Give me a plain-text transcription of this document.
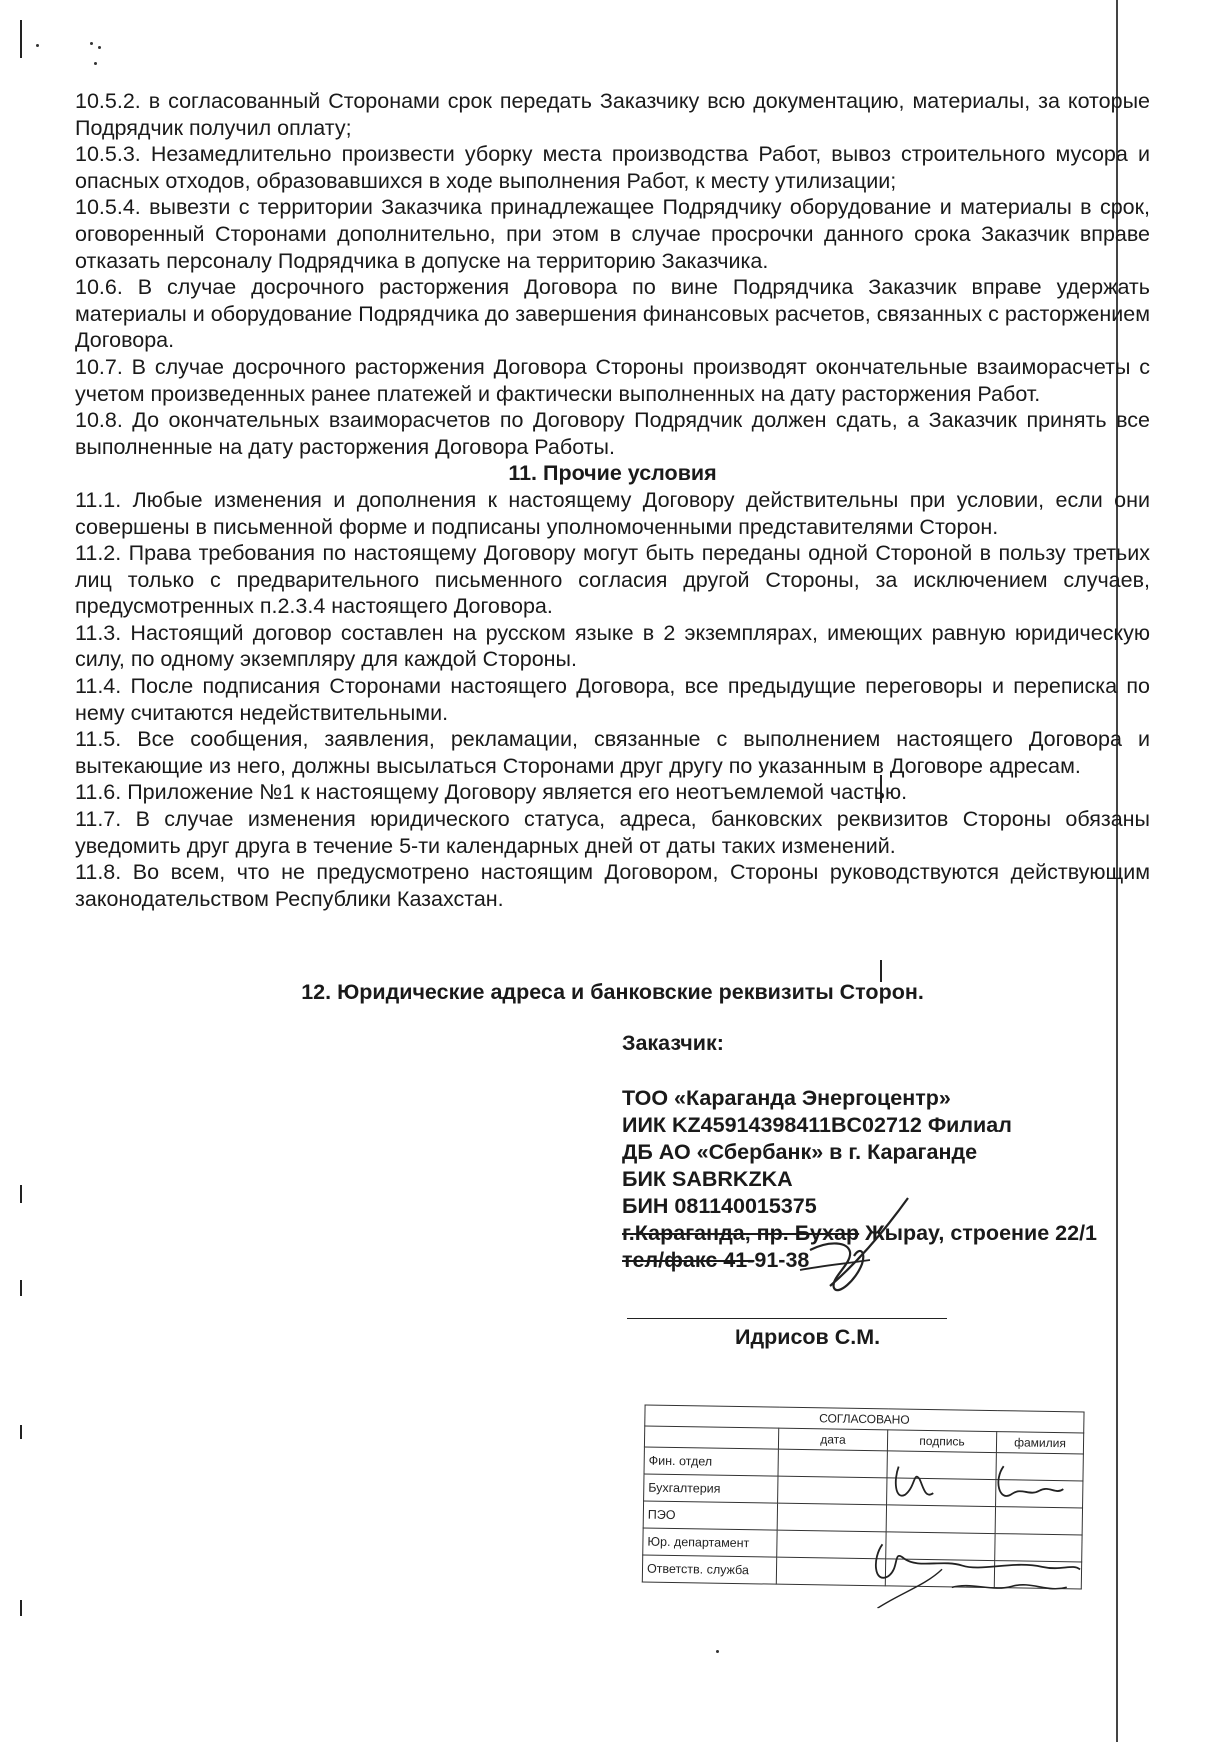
10.5.2. в согласованный Сторонами срок передать Заказчику всю документацию, материалы, за которые Подрядчик получил оплату;

10.5.3. Незамедлительно произвести уборку места производства Работ, вывоз строительного мусора и опасных отходов, образовавшихся в ходе выполнения Работ, к месту утилизации;

10.5.4. вывезти с территории Заказчика принадлежащее Подрядчику оборудование и материалы в срок, оговоренный Сторонами дополнительно, при этом в случае просрочки данного срока Заказчик вправе отказать персоналу Подрядчика в допуске на территорию Заказчика.

10.6. В случае досрочного расторжения Договора по вине Подрядчика Заказчик вправе удержать материалы и оборудование Подрядчика до завершения финансовых расчетов, связанных с расторжением Договора.

10.7. В случае досрочного расторжения Договора Стороны производят окончательные взаиморасчеты с учетом произведенных ранее платежей и фактически выполненных на дату расторжения Работ.

10.8. До окончательных взаиморасчетов по Договору Подрядчик должен сдать, а Заказчик принять все выполненные на дату расторжения Договора Работы.

11. Прочие условия

11.1. Любые изменения и дополнения к настоящему Договору действительны при условии, если они совершены в письменной форме и подписаны уполномоченными представителями Сторон.

11.2. Права требования по настоящему Договору могут быть переданы одной Стороной в пользу третьих лиц только с предварительного письменного согласия другой Стороны, за исключением случаев, предусмотренных п.2.3.4 настоящего Договора.

11.3. Настоящий договор составлен на русском языке в 2 экземплярах, имеющих равную юридическую силу, по одному экземпляру для каждой Стороны.

11.4. После подписания Сторонами настоящего Договора, все предыдущие переговоры и переписка по нему считаются недействительными.

11.5. Все сообщения, заявления, рекламации, связанные с выполнением настоящего Договора и вытекающие из него, должны высылаться Сторонами друг другу по указанным в Договоре адресам.

11.6. Приложение №1 к настоящему Договору является его неотъемлемой частью.

11.7. В случае изменения юридического статуса, адреса, банковских реквизитов Стороны обязаны уведомить друг друга в течение 5-ти календарных дней от даты таких изменений.

11.8. Во всем, что не предусмотрено настоящим Договором, Стороны руководствуются действующим законодательством Республики Казахстан.

12. Юридические адреса и банковские реквизиты Сторон.
Заказчик:
ТОО «Караганда Энергоцентр»
ИИК KZ45914398411BC02712 Филиал
ДБ АО «Сбербанк» в г. Караганде
БИК SABRKZKA
БИН 081140015375
г.Караганда, пр. Бухар Жырау, строение 22/1
тел/факс 41-91-38
Идрисов С.М.
СОГЛАСОВАНО			
	дата	подпись	фамилия
Фин. отдел			
Бухгалтерия			
ПЭО			
Юр. департамент			
Ответств. служба			
